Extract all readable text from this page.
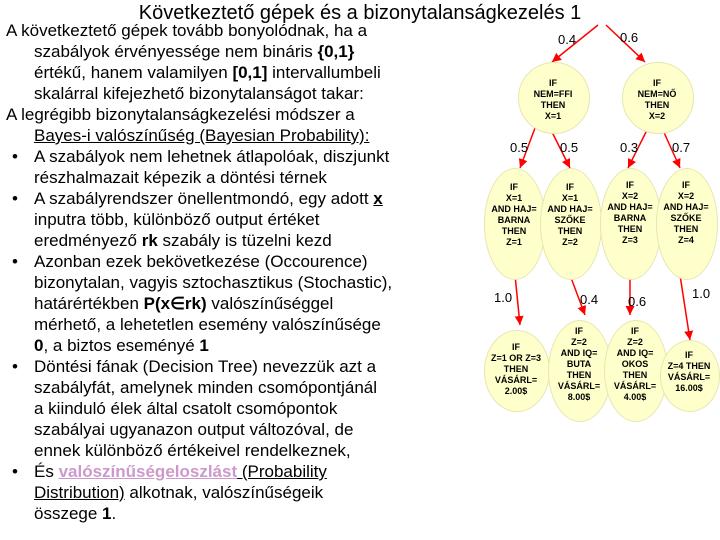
Következtető gépek és a bizonytalanságkezelés 1

A következtető gépek tovább bonyolódnak, ha a

szabályok érvényessége nem bináris {0,1}

értékű, hanem valamilyen [0,1] intervallumbeli

skalárral kifejezhető bizonytalanságot takar:

A legrégibb bizonytalanságkezelési módszer a

Bayes-i valószínűség (Bayesian Probability):

• A szabályok nem lehetnek átlapolóak, diszjunkt

részhalmazait képezik a döntési térnek

• A szabályrendszer önellentmondó, egy adott x

inputra több, különböző output értéket

eredményező rk szabály is tüzelni kezd

• Azonban ezek bekövetkezése (Occourence)

bizonytalan, vagyis sztochasztikus (Stochastic),

határértékben P(x∈rk) valószínűséggel

mérhető, a lehetetlen esemény valószínűsége

0, a biztos eseményé 1

• Döntési fának (Decision Tree) nevezzük azt a

szabályfát, amelynek minden csomópontjánál

a kiinduló élek által csatolt csomópontok

szabályai ugyanazon output változóval, de

ennek különböző értékeivel rendelkeznek,

• És valószínűségeloszlást (Probability

Distribution) alkotnak, valószínűségeik

összege 1.

0.4	0.6
0.5 0.5	0.3	0.7
1.0	0.4 0.6
1.0
IF
NEM=FFI
THEN
X=1
IF
NEM=NŐ
THEN
X=2
IF
X=1
AND HAJ=
BARNA
THEN
Z=1
IF
X=1
AND HAJ=
SZŐKE
THEN
Z=2
IF
X=2
AND HAJ=
BARNA
THEN
Z=3
IF
X=2
AND HAJ=
SZŐKE
THEN
Z=4
IF
Z=1 OR Z=3
THEN
VÁSÁRL=
2.00$
IF
Z=2
AND IQ=
BUTA
THEN
VÁSÁRL=
8.00$
IF
Z=2
AND IQ=
OKOS
THEN
VÁSÁRL=
4.00$
IF
Z=4 THEN
VÁSÁRL=
16.00$
